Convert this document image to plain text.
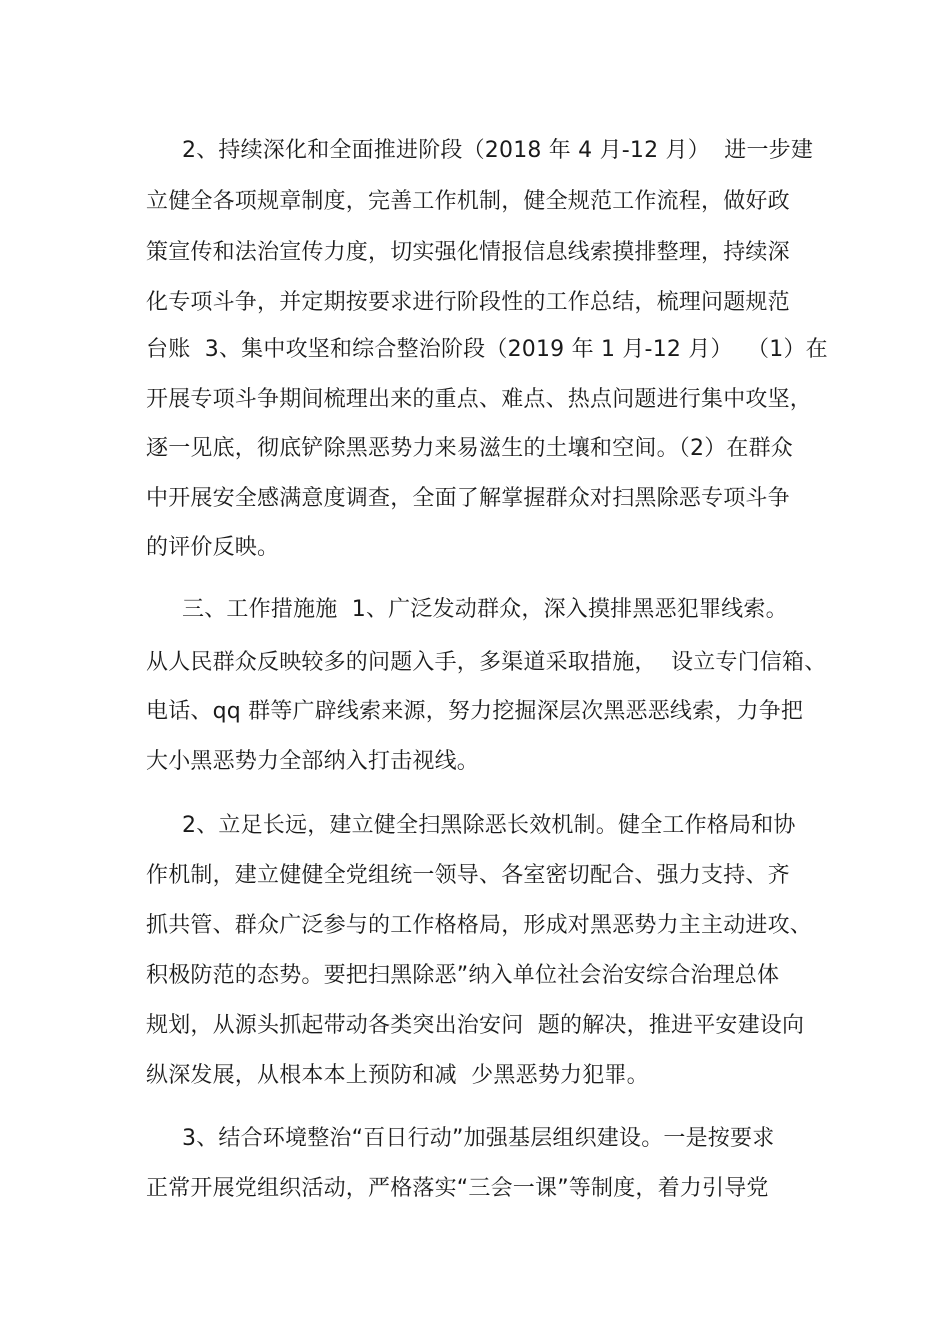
2、持续深化和全面推进阶段（2018 年 4 月-12 月）  进一步建
立健全各项规章制度，完善工作机制，健全规范工作流程，做好政
策宣传和法治宣传力度，切实强化情报信息线索摸排整理，持续深
化专项斗争，并定期按要求进行阶段性的工作总结，梳理问题规范
台账  3、集中攻坚和综合整治阶段（2019 年 1 月-12 月）  （1）在
开展专项斗争期间梳理出来的重点、难点、热点问题进行集中攻坚，
逐一见底，彻底铲除黑恶势力来易滋生的土壤和空间。（2）在群众
中开展安全感满意度调查，全面了解掌握群众对扫黑除恶专项斗争
的评价反映。
三、工作措施施  1、广泛发动群众，深入摸排黑恶犯罪线索。
从人民群众反映较多的问题入手，多渠道采取措施，  设立专门信箱、
电话、qq 群等广辟线索来源，努力挖掘深层次黑恶恶线索，力争把
大小黑恶势力全部纳入打击视线。
2、立足长远，建立健全扫黑除恶长效机制。健全工作格局和协
作机制，建立健健全党组统一领导、各室密切配合、强力支持、齐
抓共管、群众广泛参与的工作格格局，形成对黑恶势力主主动进攻、
积极防范的态势。要把扫黑除恶”纳入单位社会治安综合治理总体
规划，从源头抓起带动各类突出治安问  题的解决，推进平安建设向
纵深发展，从根本本上预防和减  少黑恶势力犯罪。
3、结合环境整治“百日行动”加强基层组织建设。一是按要求
正常开展党组织活动，严格落实“三会一课”等制度，着力引导党
